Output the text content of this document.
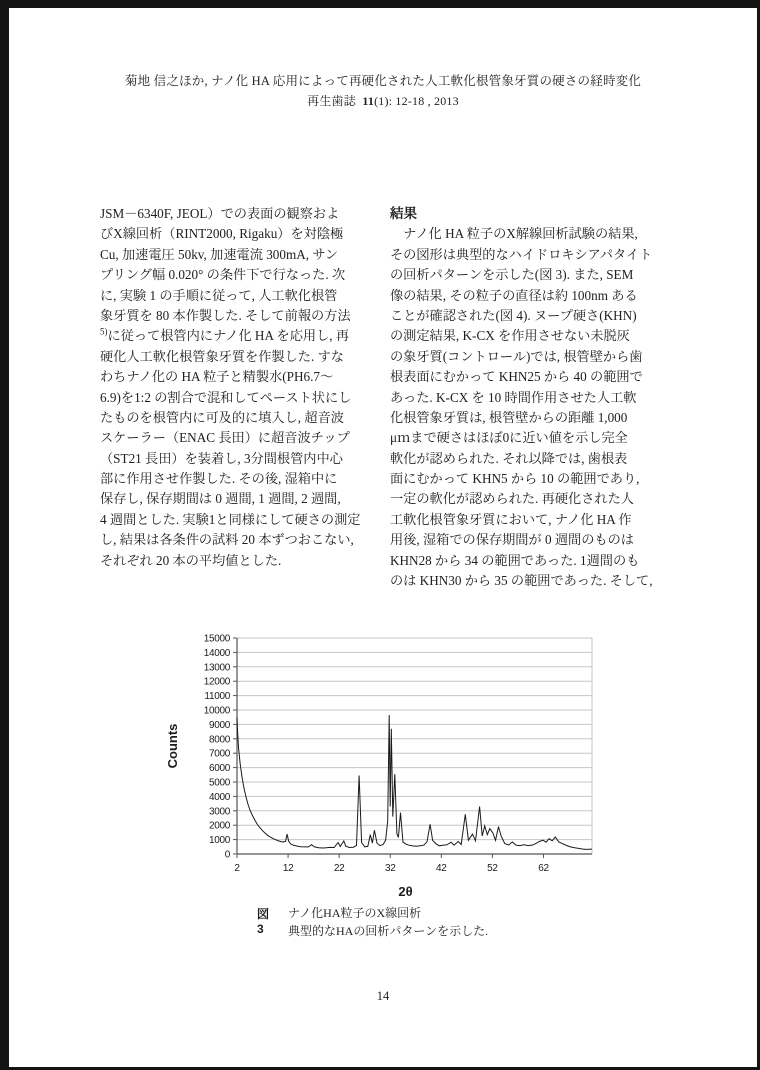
菊地 信之ほか, ナノ化 HA 応用によって再硬化された人工軟化根管象牙質の硬さの経時変化
再生歯誌 11(1): 12-18 , 2013
JSM－6340F, JEOL）での表面の観察およ
びX線回析（RINT2000, Rigaku）を対陰極
Cu, 加速電圧 50kv, 加速電流 300mA, サン
プリング幅 0.020° の条件下で行なった. 次
に, 実験 1 の手順に従って, 人工軟化根管
象牙質を 80 本作製した. そして前報の方法
$^{5)}$に従って根管内にナノ化 HA を応用し, 再
硬化人工軟化根管象牙質を作製した. すな
わちナノ化の HA 粒子と精製水(PH6.7～
6.9)を1:2 の割合で混和してペースト状にし
たものを根管内に可及的に填入し, 超音波
スケーラー（ENAC 長田）に超音波チップ
（ST21 長田）を装着し, 3分間根管内中心
部に作用させ作製した. その後, 湿箱中に
保存し, 保存期間は 0 週間, 1 週間, 2 週間,
4 週間とした. 実験1と同様にして硬さの測定
し, 結果は各条件の試料 20 本ずつおこない,
それぞれ 20 本の平均値とした.
結果
　ナノ化 HA 粒子のX解線回析試験の結果,
その図形は典型的なハイドロキシアパタイト
の回析パターンを示した(図 3). また, SEM
像の結果, その粒子の直径は約 100nm ある
ことが確認された(図 4). ヌープ硬さ(KHN)
の測定結果, K-CX を作用させない未脱灰
の象牙質(コントロール)では, 根管壁から歯
根表面にむかって KHN25 から 40 の範囲で
あった. K-CX を 10 時間作用させた人工軟
化根管象牙質は, 根管壁からの距離 1,000
μｍまで硬さはほぼ0に近い値を示し完全
軟化が認められた. それ以降では, 歯根表
面にむかって KHN5 から 10 の範囲であり,
一定の軟化が認められた. 再硬化された人
工軟化根管象牙質において, ナノ化 HA 作
用後, 湿箱での保存期間が 0 週間のものは
KHN28 から 34 の範囲であった. 1週間のも
のは KHN30 から 35 の範囲であった. そして,
0
1000
2000
3000
4000
5000
6000
7000
8000
9000
10000
11000
12000
13000
14000
15000
2	12	22	32	42	52	62
Counts
2θ
図3
ナノ化HA粒子のX線回析
典型的なHAの回析パターンを示した.
14
